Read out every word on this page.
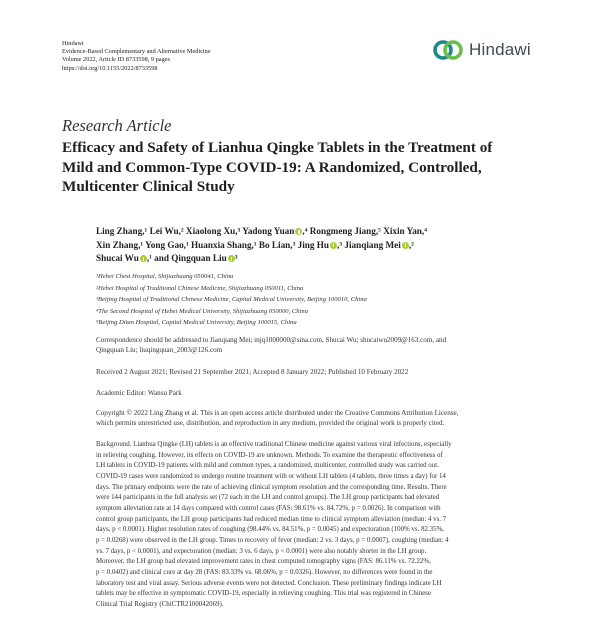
Hindawi
Evidence-Based Complementary and Alternative Medicine
Volume 2022, Article ID 8733598, 9 pages
https://doi.org/10.1155/2022/8733598
Hindawi
Research Article
Efficacy and Safety of Lianhua Qingke Tablets in the Treatment of
Mild and Common-Type COVID-19: A Randomized, Controlled,
Multicenter Clinical Study
Ling Zhang,¹ Lei Wu,² Xiaolong Xu,³ Yadong Yuan ,⁴ Rongmeng Jiang,⁵ Xixin Yan,⁴
Xin Zhang,¹ Yong Gao,¹ Huanxia Shang,¹ Bo Lian,³ Jing Hu ,³ Jianqiang Mei ,²
Shucai Wu ,¹ and Qingquan Liu ³
¹Hebei Chest Hospital, Shijiazhuang 050041, China
²Hebei Hospital of Traditional Chinese Medicine, Shijiazhuang 050011, China
³Beijing Hospital of Traditional Chinese Medicine, Capital Medical University, Beijing 100010, China
⁴The Second Hospital of Hebei Medical University, Shijiazhuang 050000, China
⁵Beijing Ditan Hospital, Capital Medical University, Beijing 100015, China
Correspondence should be addressed to Jianqiang Mei; mjq1000000@sina.com, Shucai Wu; shucaiwu2009@163.com, and
Qingquan Liu; liuqingquan_2003@126.com
Received 2 August 2021; Revised 21 September 2021; Accepted 8 January 2022; Published 10 February 2022
Academic Editor: Wansu Park
Copyright © 2022 Ling Zhang et al. This is an open access article distributed under the Creative Commons Attribution License,
which permits unrestricted use, distribution, and reproduction in any medium, provided the original work is properly cited.
Background. Lianhua Qingke (LH) tablets is an effective traditional Chinese medicine against various viral infections, especially
in relieving coughing. However, its effects on COVID-19 are unknown. Methods. To examine the therapeutic effectiveness of
LH tablets in COVID-19 patients with mild and common types, a randomized, multicenter, controlled study was carried out.
COVID-19 cases were randomized to undergo routine treatment with or without LH tablets (4 tablets, three times a day) for 14
days. The primary endpoints were the rate of achieving clinical symptom resolution and the corresponding time. Results. There
were 144 participants in the full analysis set (72 each in the LH and control groups). The LH group participants had elevated
symptom alleviation rate at 14 days compared with control cases (FAS: 98.61% vs. 84.72%, p = 0.0026). In comparison with
control group participants, the LH group participants had reduced median time to clinical symptom alleviation (median: 4 vs. 7
days, p < 0.0001). Higher resolution rates of coughing (98.44% vs. 84.51%, p = 0.0045) and expectoration (100% vs. 82.35%,
p = 0.0268) were observed in the LH group. Times to recovery of fever (median: 2 vs. 3 days, p = 0.0007), coughing (median: 4
vs. 7 days, p < 0.0001), and expectoration (median: 3 vs. 6 days, p < 0.0001) were also notably shorter in the LH group.
Moreover, the LH group had elevated improvement rates in chest computed tomography signs (FAS: 86.11% vs. 72.22%,
p = 0.0402) and clinical cure at day 28 (FAS: 83.33% vs. 68.06%, p = 0.0326). However, no differences were found in the
laboratory test and viral assay. Serious adverse events were not detected. Conclusion. These preliminary findings indicate LH
tablets may be effective in symptomatic COVID-19, especially in relieving coughing. This trial was registered in Chinese
Clinical Trial Registry (ChiCTR2100042069).
